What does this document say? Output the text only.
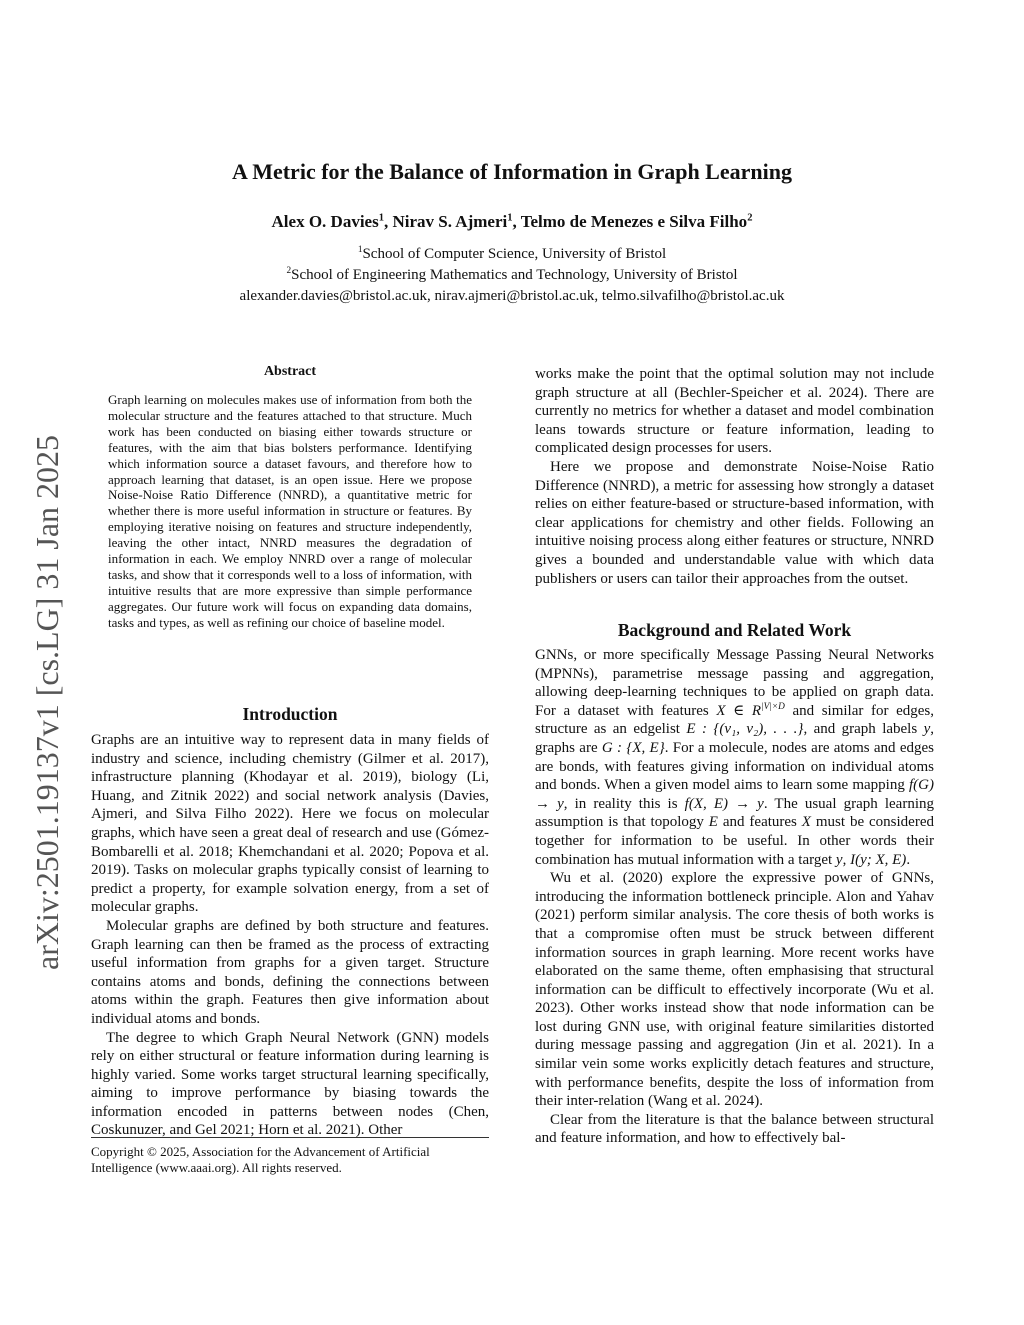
arXiv:2501.19137v1 [cs.LG] 31 Jan 2025
A Metric for the Balance of Information in Graph Learning
Alex O. Davies$^1$, Nirav S. Ajmeri$^1$, Telmo de Menezes e Silva Filho$^2$
$^1$School of Computer Science, University of Bristol
$^2$School of Engineering Mathematics and Technology, University of Bristol
alexander.davies@bristol.ac.uk, nirav.ajmeri@bristol.ac.uk, telmo.silvafilho@bristol.ac.uk
Abstract
Graph learning on molecules makes use of information from both the molecular structure and the features attached to that structure. Much work has been conducted on biasing either towards structure or features, with the aim that bias bolsters performance. Identifying which information source a dataset favours, and therefore how to approach learning that dataset, is an open issue. Here we propose Noise-Noise Ratio Difference (NNRD), a quantitative metric for whether there is more useful information in structure or features. By employing iterative noising on features and structure independently, leaving the other intact, NNRD measures the degradation of information in each. We employ NNRD over a range of molecular tasks, and show that it corresponds well to a loss of information, with intuitive results that are more expressive than simple performance aggregates. Our future work will focus on expanding data domains, tasks and types, as well as refining our choice of baseline model.
Introduction

Graphs are an intuitive way to represent data in many fields of industry and science, including chemistry (Gilmer et al. 2017), infrastructure planning (Khodayar et al. 2019), biology (Li, Huang, and Zitnik 2022) and social network analysis (Davies, Ajmeri, and Silva Filho 2022). Here we focus on molecular graphs, which have seen a great deal of research and use (Gómez-Bombarelli et al. 2018; Khemchandani et al. 2020; Popova et al. 2019). Tasks on molecular graphs typically consist of learning to predict a property, for example solvation energy, from a set of molecular graphs.

Molecular graphs are defined by both structure and features. Graph learning can then be framed as the process of extracting useful information from graphs for a given target. Structure contains atoms and bonds, defining the connections between atoms within the graph. Features then give information about individual atoms and bonds.

The degree to which Graph Neural Network (GNN) models rely on either structural or feature information during learning is highly varied. Some works target structural learning specifically, aiming to improve performance by biasing towards the information encoded in patterns between nodes (Chen, Coskunuzer, and Gel 2021; Horn et al. 2021). Other

Copyright © 2025, Association for the Advancement of Artificial Intelligence (www.aaai.org). All rights reserved.

works make the point that the optimal solution may not include graph structure at all (Bechler-Speicher et al. 2024). There are currently no metrics for whether a dataset and model combination leans towards structure or feature information, leading to complicated design processes for users.

Here we propose and demonstrate Noise-Noise Ratio Difference (NNRD), a metric for assessing how strongly a dataset relies on either feature-based or structure-based information, with clear applications for chemistry and other fields. Following an intuitive noising process along either features or structure, NNRD gives a bounded and understandable value with which data publishers or users can tailor their approaches from the outset.

Background and Related Work

GNNs, or more specifically Message Passing Neural Networks (MPNNs), parametrise message passing and aggregation, allowing deep-learning techniques to be applied on graph data. For a dataset with features X ∈ $R^{|V|\times D}$ and similar for edges, structure as an edgelist E : {(v₁, v₂), . . .}, and graph labels y, graphs are G : {X, E}. For a molecule, nodes are atoms and edges are bonds, with features giving information on individual atoms and bonds. When a given model aims to learn some mapping f(G) → y, in reality this is f(X, E) → y. The usual graph learning assumption is that topology E and features X must be considered together for information to be useful. In other words their combination has mutual information with a target y, I(y; X, E).

Wu et al. (2020) explore the expressive power of GNNs, introducing the information bottleneck principle. Alon and Yahav (2021) perform similar analysis. The core thesis of both works is that a compromise often must be struck between different information sources in graph learning. More recent works have elaborated on the same theme, often emphasising that structural information can be difficult to effectively incorporate (Wu et al. 2023). Other works instead show that node information can be lost during GNN use, with original feature similarities distorted during message passing and aggregation (Jin et al. 2021). In a similar vein some works explicitly detach features and structure, with performance benefits, despite the loss of information from their inter-relation (Wang et al. 2024).

Clear from the literature is that the balance between structural and feature information, and how to effectively bal-
